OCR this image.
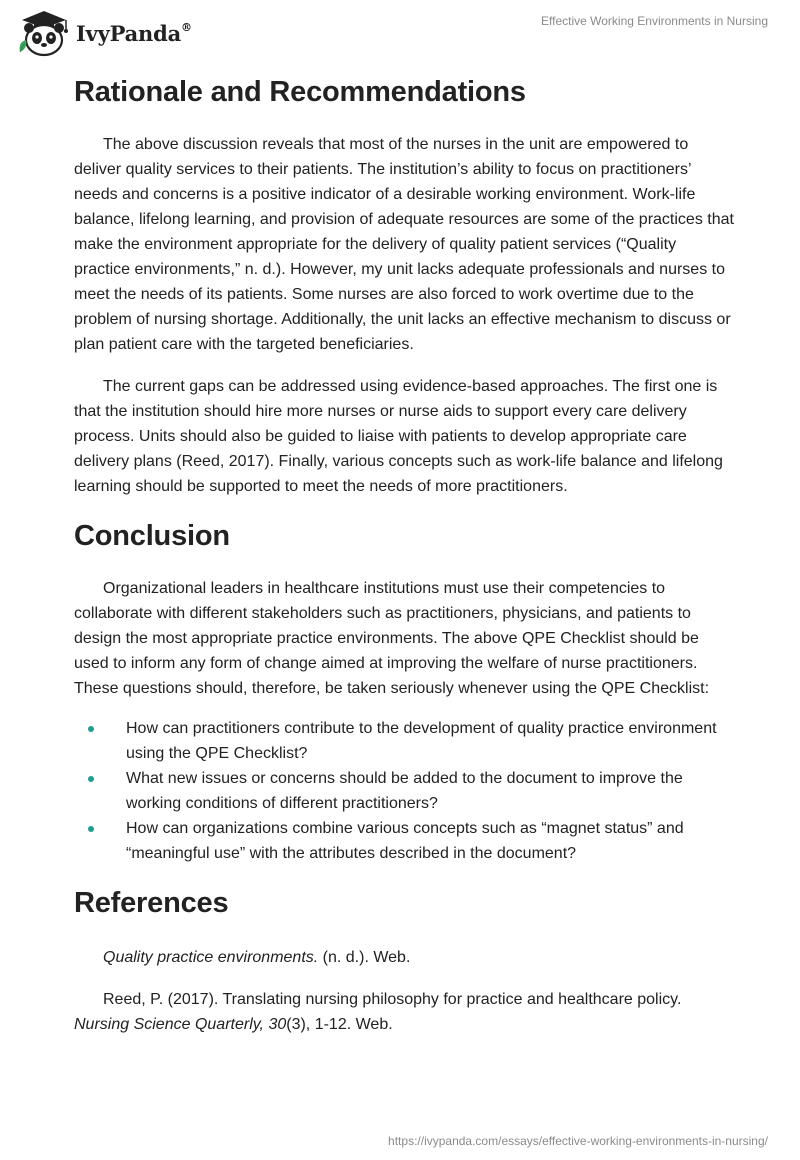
IvyPanda®	Effective Working Environments in Nursing
Rationale and Recommendations

The above discussion reveals that most of the nurses in the unit are empowered to deliver quality services to their patients. The institution’s ability to focus on practitioners’ needs and concerns is a positive indicator of a desirable working environment. Work-life balance, lifelong learning, and provision of adequate resources are some of the practices that make the environment appropriate for the delivery of quality patient services (“Quality practice environments,” n. d.). However, my unit lacks adequate professionals and nurses to meet the needs of its patients. Some nurses are also forced to work overtime due to the problem of nursing shortage. Additionally, the unit lacks an effective mechanism to discuss or plan patient care with the targeted beneficiaries.

The current gaps can be addressed using evidence-based approaches. The first one is that the institution should hire more nurses or nurse aids to support every care delivery process. Units should also be guided to liaise with patients to develop appropriate care delivery plans (Reed, 2017). Finally, various concepts such as work-life balance and lifelong learning should be supported to meet the needs of more practitioners.

Conclusion

Organizational leaders in healthcare institutions must use their competencies to collaborate with different stakeholders such as practitioners, physicians, and patients to design the most appropriate practice environments. The above QPE Checklist should be used to inform any form of change aimed at improving the welfare of nurse practitioners. These questions should, therefore, be taken seriously whenever using the QPE Checklist:

How can practitioners contribute to the development of quality practice environment using the QPE Checklist?
What new issues or concerns should be added to the document to improve the working conditions of different practitioners?
How can organizations combine various concepts such as “magnet status” and “meaningful use” with the attributes described in the document?
References

Quality practice environments. (n. d.). Web.

Reed, P. (2017). Translating nursing philosophy for practice and healthcare policy. Nursing Science Quarterly, 30(3), 1-12. Web.

https://ivypanda.com/essays/effective-working-environments-in-nursing/
